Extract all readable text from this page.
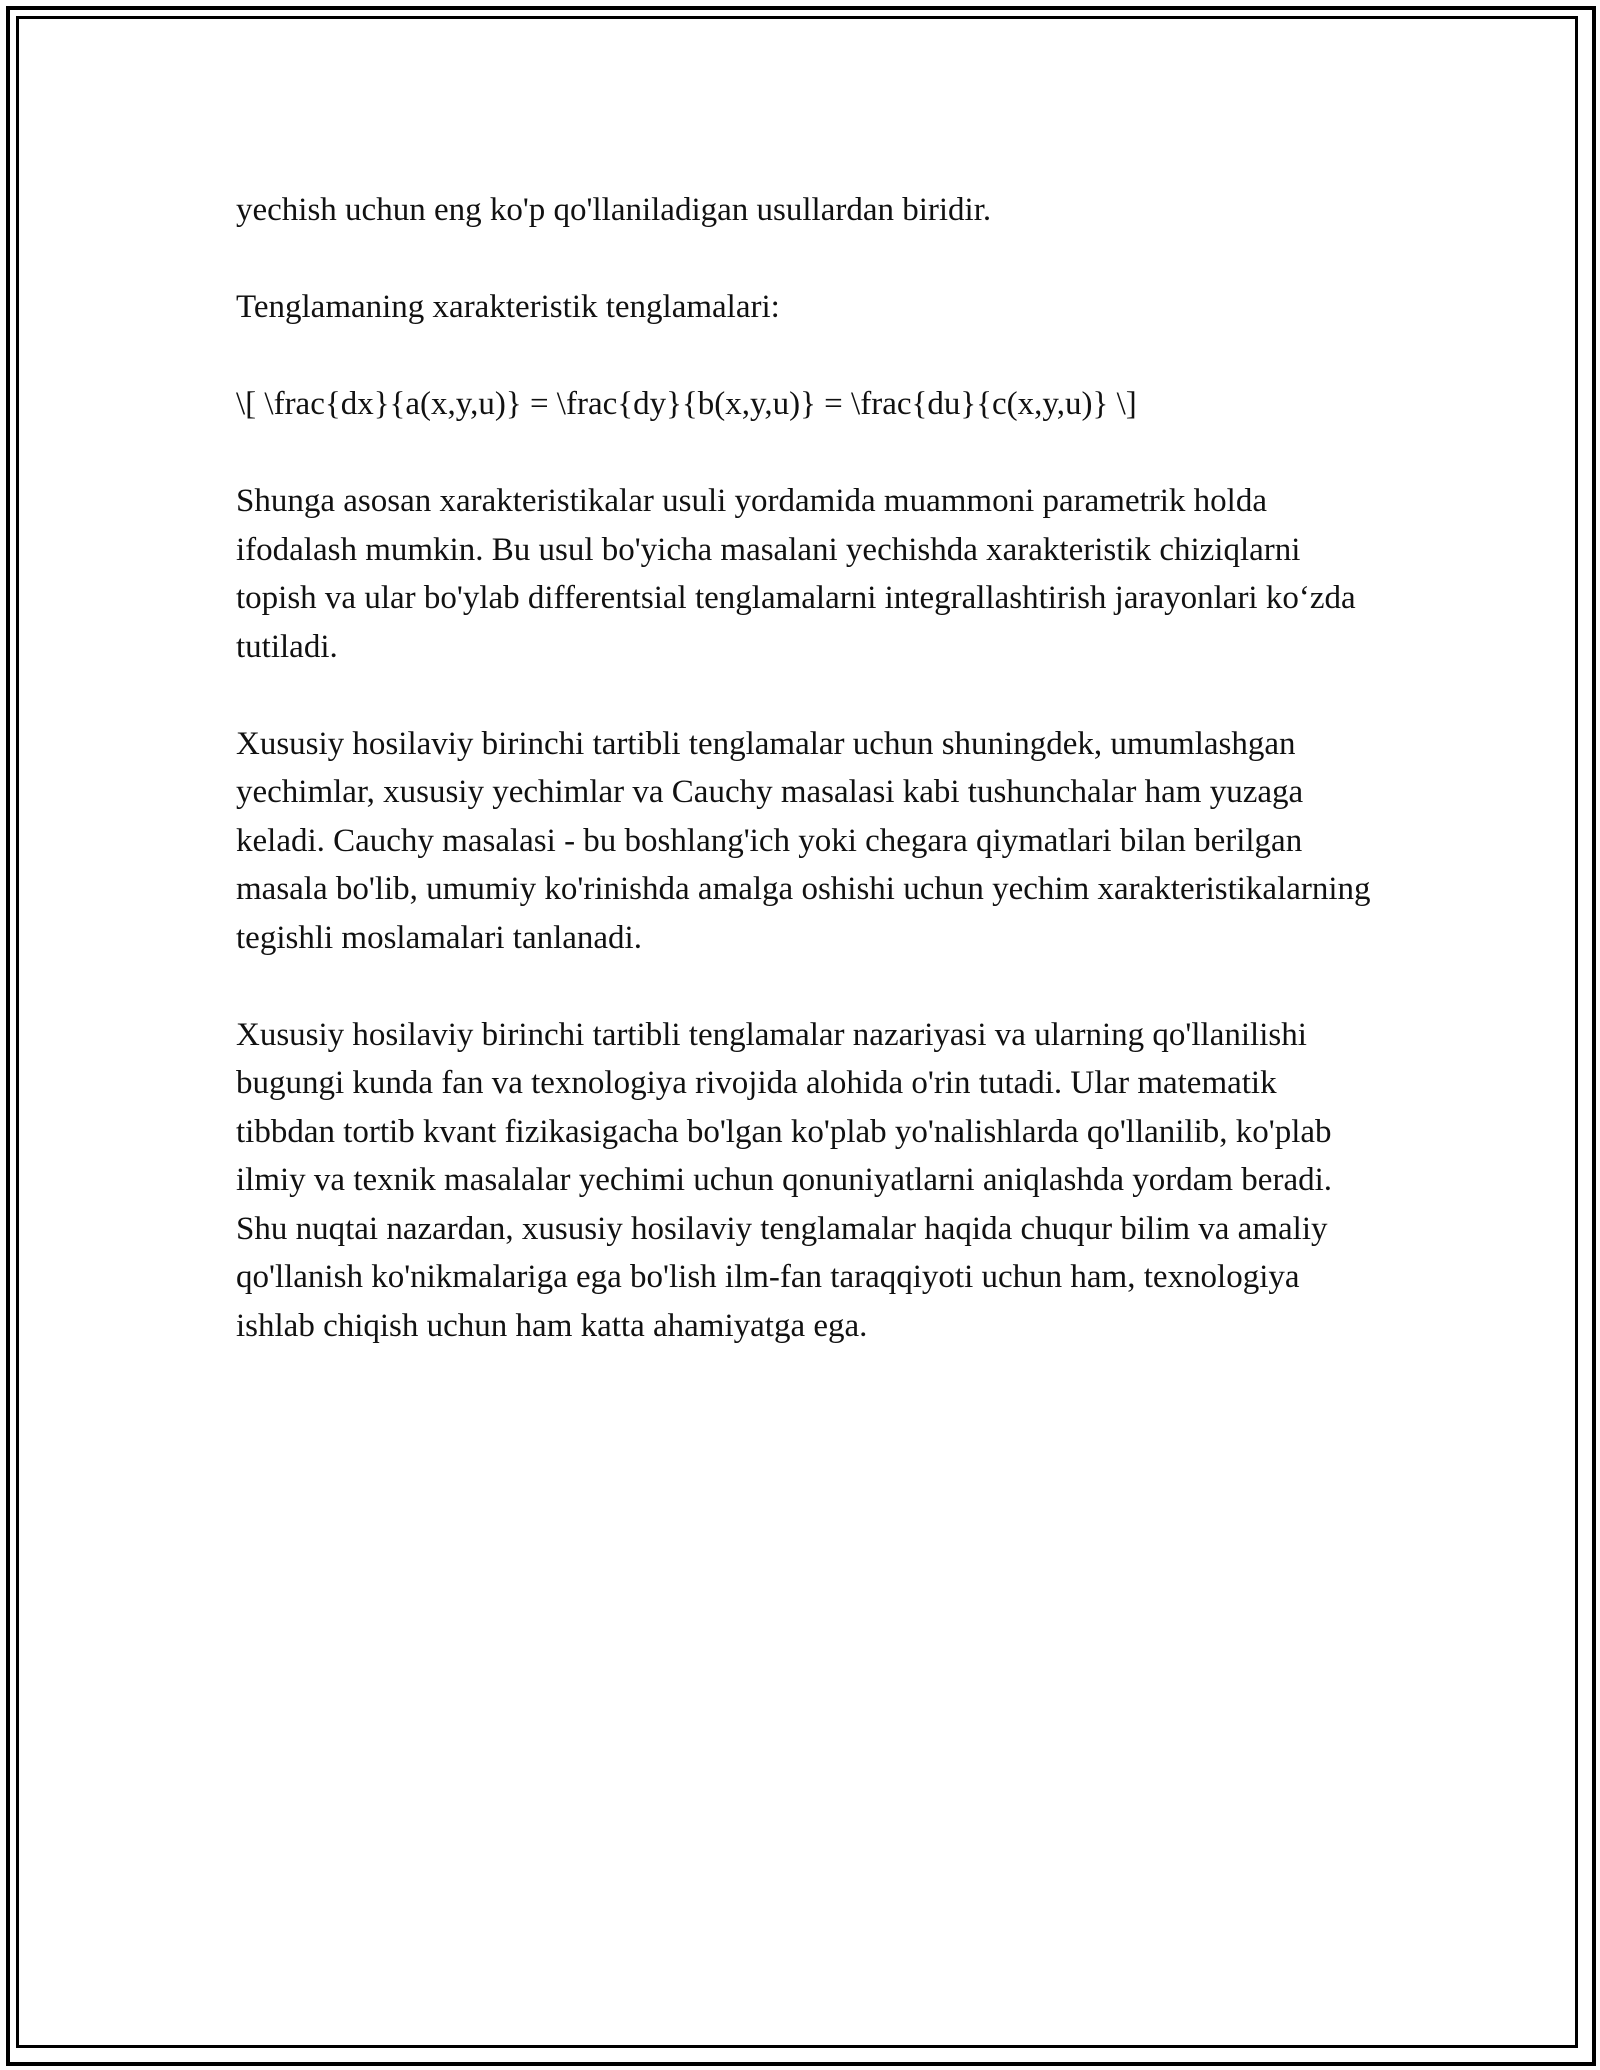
yechish uchun eng ko'p qo'llaniladigan usullardan biridir.

Tenglamaning xarakteristik tenglamalari:

\[ \frac{dx}{a(x,y,u)} = \frac{dy}{b(x,y,u)} = \frac{du}{c(x,y,u)} \]

Shunga asosan xarakteristikalar usuli yordamida muammoni parametrik holda ifodalash mumkin. Bu usul bo'yicha masalani yechishda xarakteristik chiziqlarni topish va ular bo'ylab differentsial tenglamalarni integrallashtirish jarayonlari ko‘zda tutiladi.

Xususiy hosilaviy birinchi tartibli tenglamalar uchun shuningdek, umumlashgan yechimlar, xususiy yechimlar va Cauchy masalasi kabi tushunchalar ham yuzaga keladi. Cauchy masalasi - bu boshlang'ich yoki chegara qiymatlari bilan berilgan masala bo'lib, umumiy ko'rinishda amalga oshishi uchun yechim xarakteristikalarning tegishli moslamalari tanlanadi.

Xususiy hosilaviy birinchi tartibli tenglamalar nazariyasi va ularning qo'llanilishi bugungi kunda fan va texnologiya rivojida alohida o'rin tutadi. Ular matematik tibbdan tortib kvant fizikasigacha bo'lgan ko'plab yo'nalishlarda qo'llanilib, ko'plab ilmiy va texnik masalalar yechimi uchun qonuniyatlarni aniqlashda yordam beradi. Shu nuqtai nazardan, xususiy hosilaviy tenglamalar haqida chuqur bilim va amaliy qo'llanish ko'nikmalariga ega bo'lish ilm-fan taraqqiyoti uchun ham, texnologiya ishlab chiqish uchun ham katta ahamiyatga ega.
